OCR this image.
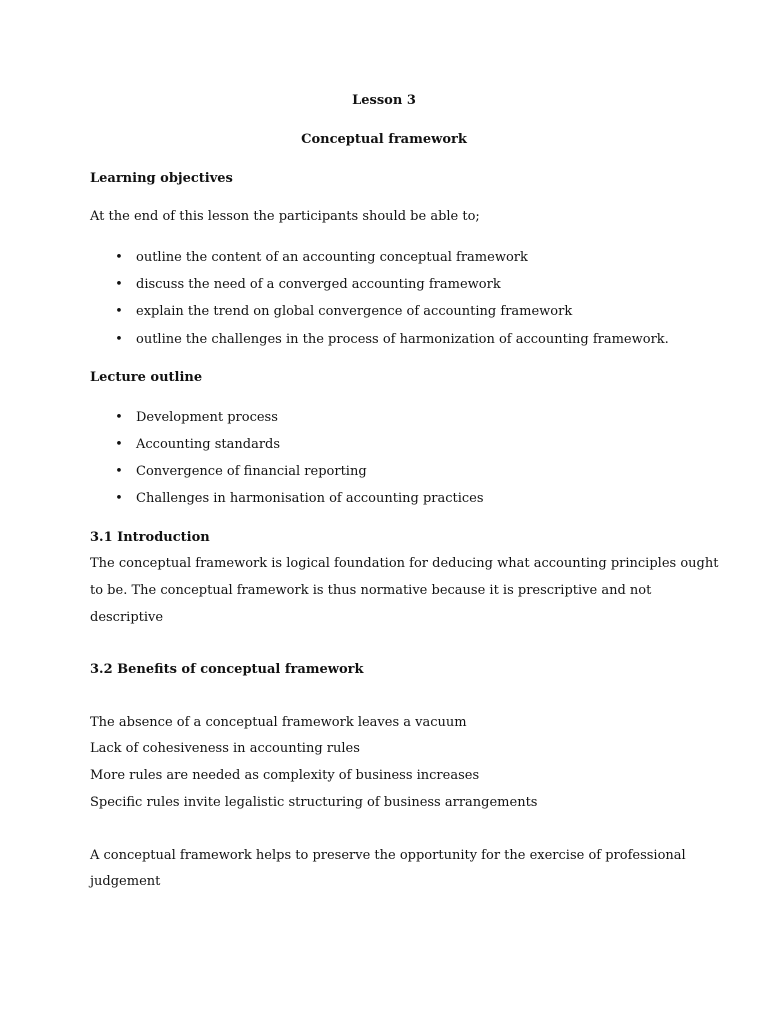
Lesson 3
Conceptual framework
Learning objectives
At the end of this lesson the participants should be able to;
• outline the content of an accounting conceptual framework
• discuss the need of a converged accounting framework
• explain the trend on global convergence of accounting framework
• outline the challenges in the process of harmonization of accounting framework.
Lecture outline
• Development process
• Accounting standards
• Convergence of financial reporting
• Challenges in harmonisation of accounting practices
3.1 Introduction
The conceptual framework is logical foundation for deducing what accounting principles ought
to be. The conceptual framework is thus normative because it is prescriptive and not
descriptive
3.2 Benefits of conceptual framework
The absence of a conceptual framework leaves a vacuum
Lack of cohesiveness in accounting rules
More rules are needed as complexity of business increases
Specific rules invite legalistic structuring of business arrangements
A conceptual framework helps to preserve the opportunity for the exercise of professional
judgement
